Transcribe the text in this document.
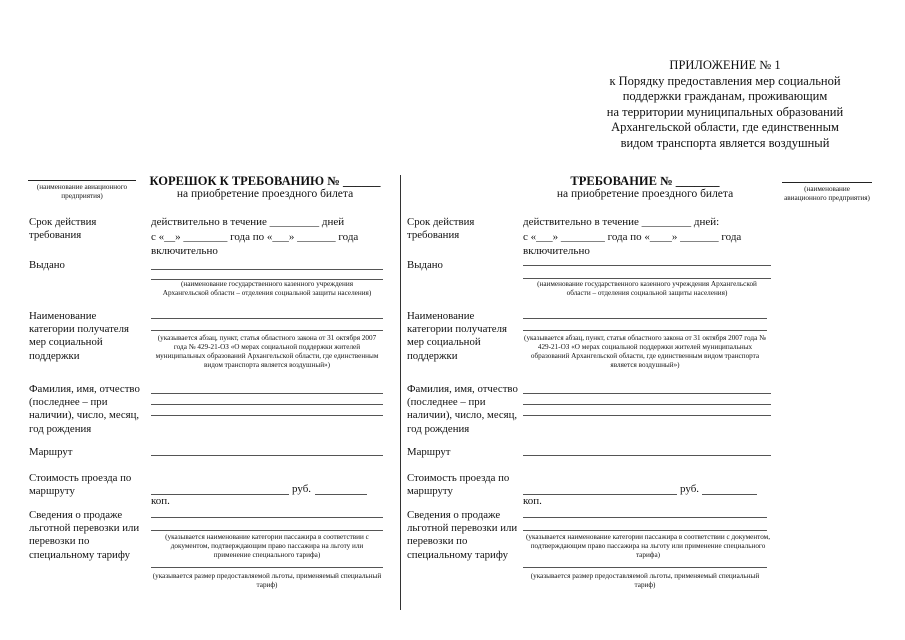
ПРИЛОЖЕНИЕ № 1
к Порядку предоставления мер социальной
поддержки гражданам, проживающим
на территории муниципальных образований
Архангельской области, где единственным
видом транспорта является воздушный
(наименование авиационного предприятия)
КОРЕШОК К ТРЕБОВАНИЮ № ______
на приобретение проездного билета
Срок действия требования
действительно в течение _________ дней
с «__» ________ года по «___» _______ года
включительно
Выдано
(наименование государственного казенного учреждения Архангельской области – отделения социальной защиты населения)
Наименование категории получателя мер социальной поддержки
(указывается абзац, пункт, статья областного закона от 31 октября 2007 года № 429-21-ОЗ «О мерах социальной поддержки жителей муниципальных образований Архангельской области, где единственным видом транспорта является воздушный»)
Фамилия, имя, отчество (последнее – при наличии), число, месяц, год рождения
Маршрут
Стоимость проезда по маршруту	руб.
коп.
Сведения о продаже льготной перевозки или перевозки по специальному тарифу
(указывается наименование категории пассажира в соответствии с документом, подтверждающим право пассажира на льготу или применение специального тарифа)
(указывается размер предоставляемой льготы, применяемый специальный тариф)
ТРЕБОВАНИЕ № _______
на приобретение проездного билета	(наименование авиационного предприятия)
Срок действия требования
действительно в течение _________ дней:
с «___» ________ года по «____» _______ года
включительно
Выдано
(наименование государственного казенного учреждения Архангельской области – отделения социальной защиты населения)
Наименование категории получателя мер социальной поддержки
(указывается абзац, пункт, статья областного закона от 31 октября 2007 года № 429-21-ОЗ «О мерах социальной поддержки жителей муниципальных образований Архангельской области, где единственным видом транспорта является воздушный»)
Фамилия, имя, отчество (последнее – при наличии), число, месяц, год рождения
Маршрут
Стоимость проезда по маршруту	руб.
коп.
Сведения о продаже льготной перевозки или перевозки по специальному тарифу
(указывается наименование категории пассажира в соответствии с документом, подтверждающим право пассажира на льготу или применение специального тарифа)
(указывается размер предоставляемой льготы, применяемый специальный тариф)
